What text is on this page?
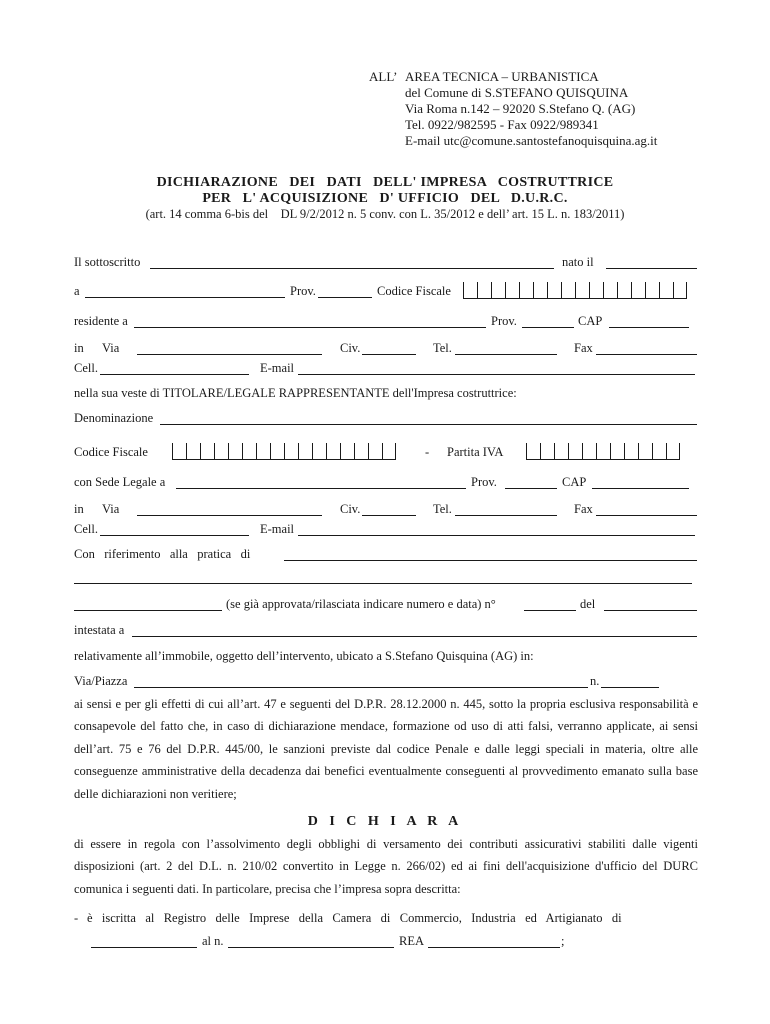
ALL’ AREA TECNICA – URBANISTICA
del Comune di S.STEFANO QUISQUINA
Via Roma n.142 – 92020 S.Stefano Q. (AG)
Tel. 0922/982595 - Fax 0922/989341
E-mail utc@comune.santostefanoquisquina.ag.it
DICHIARAZIONE   DEI   DATI   DELL' IMPRESA   COSTRUTTRICE
PER   L' ACQUISIZIONE   D' UFFICIO   DEL   D.U.R.C.
(art. 14 comma 6-bis del    DL 9/2/2012 n. 5 conv. con L. 35/2012 e dell’ art. 15 L. n. 183/2011)
Il sottoscritto	nato il
a	Prov.	Codice Fiscale
residente a	Prov.	CAP
in Via	Civ.	Tel.	Fax
Cell.	E-mail
nella sua veste di TITOLARE/LEGALE RAPPRESENTANTE dell'Impresa costruttrice:
Denominazione
Codice Fiscale	- Partita IVA
con Sede Legale a	Prov.	CAP
in Via	Civ.	Tel.	Fax
Cell.	E-mail
Con   riferimento   alla   pratica   di
(se già approvata/rilasciata indicare numero e data) n°	del
intestata a
relativamente all’immobile, oggetto dell’intervento, ubicato a S.Stefano Quisquina (AG) in:
Via/Piazza	n.
ai sensi e per gli effetti di cui all’art. 47 e seguenti del D.P.R. 28.12.2000 n. 445, sotto la propria esclusiva responsabilità e consapevole del fatto che, in caso di dichiarazione mendace, formazione od uso di atti falsi, verranno applicate, ai sensi dell’art. 75 e 76 del D.P.R. 445/00, le sanzioni previste dal codice Penale e dalle leggi speciali in materia, oltre alle conseguenze amministrative della decadenza dai benefici eventualmente conseguenti al provvedimento emanato sulla base delle dichiarazioni non veritiere;
D I C H I A R A
di essere in regola con l’assolvimento degli obblighi di versamento dei contributi assicurativi stabiliti dalle vigenti disposizioni (art. 2 del D.L. n. 210/02 convertito in Legge n. 266/02) ed ai fini dell'acquisizione d'ufficio del DURC comunica i seguenti dati. In particolare, precisa che l’impresa sopra descritta:
- è   iscritta   al   Registro   delle   Imprese   della   Camera   di   Commercio,   Industria   ed   Artigianato   di
al n.	REA	;
